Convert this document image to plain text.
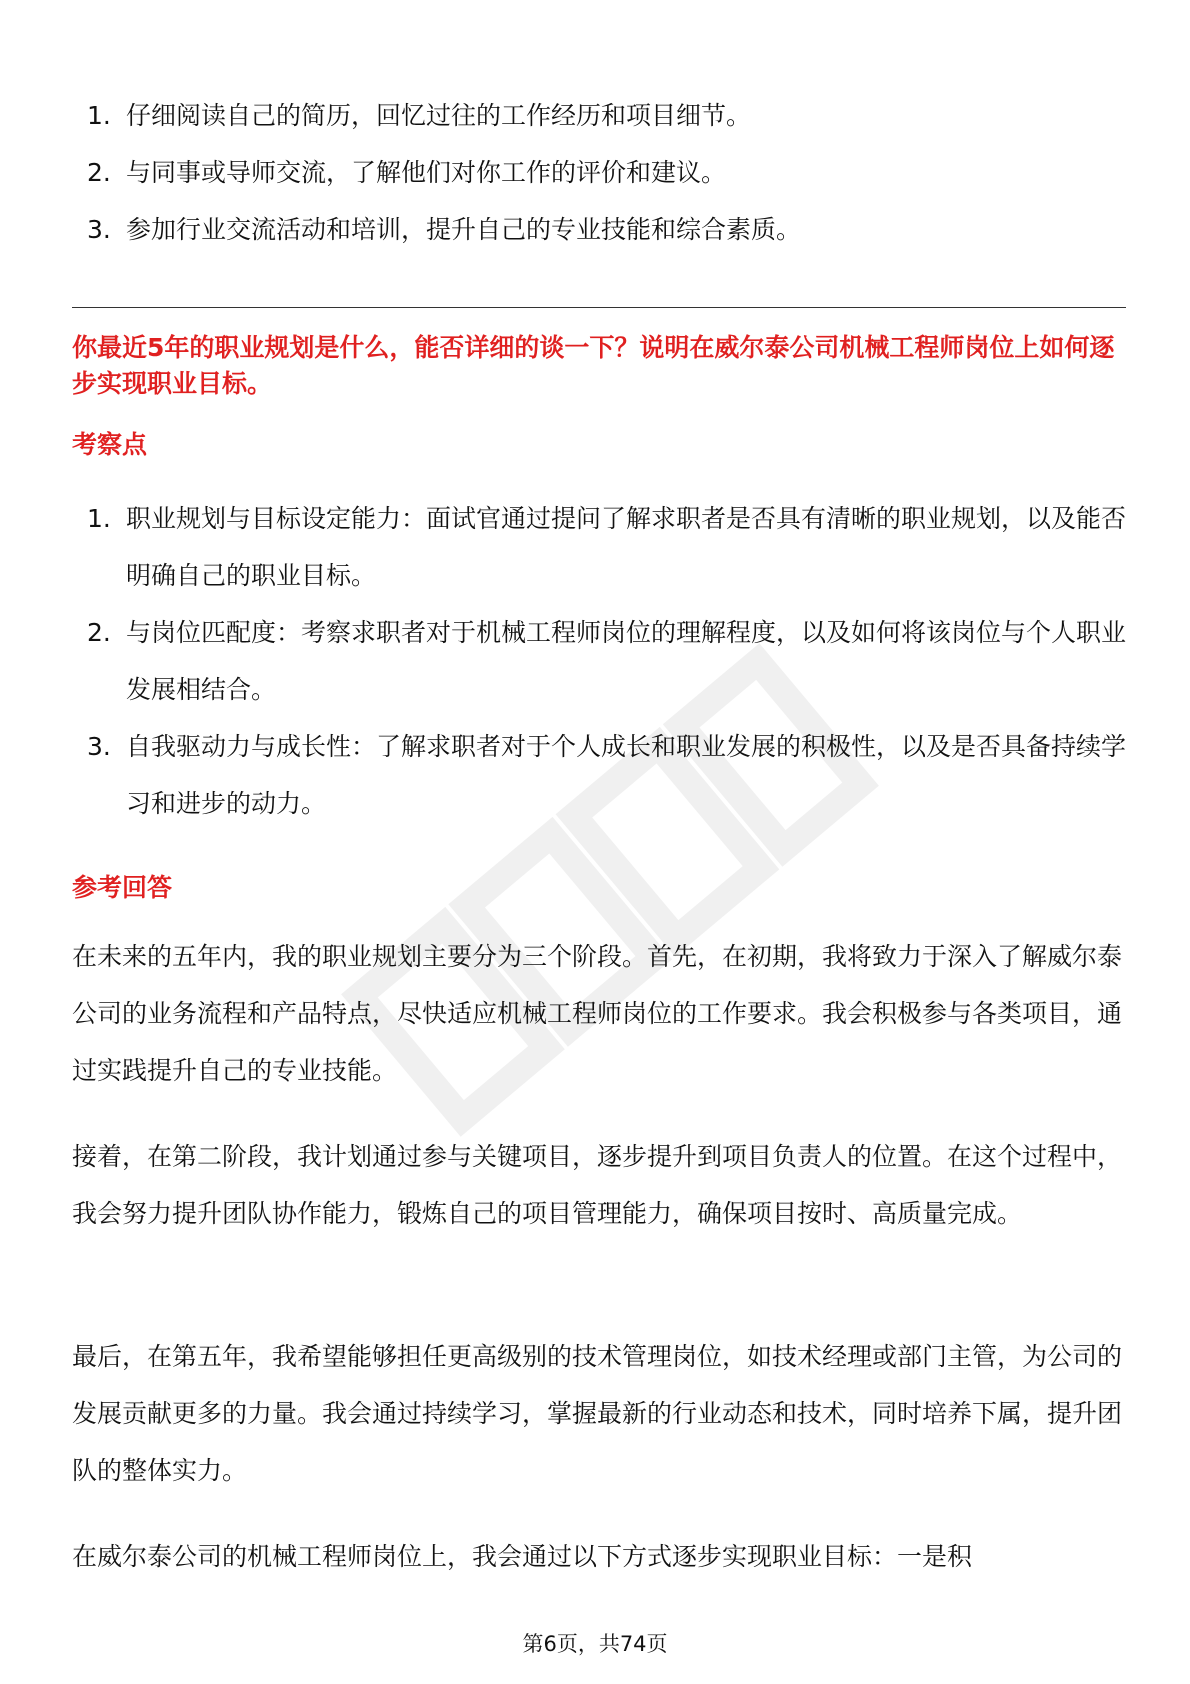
1. 仔细阅读自己的简历，回忆过往的工作经历和项目细节。
2. 与同事或导师交流，了解他们对你工作的评价和建议。
3. 参加行业交流活动和培训，提升自己的专业技能和综合素质。
你最近5年的职业规划是什么，能否详细的谈一下？说明在威尔泰公司机械工程师岗位上如何逐步实现职业目标。
考察点
1. 职业规划与目标设定能力：面试官通过提问了解求职者是否具有清晰的职业规划，以及能否明确自己的职业目标。
2. 与岗位匹配度：考察求职者对于机械工程师岗位的理解程度，以及如何将该岗位与个人职业发展相结合。
3. 自我驱动力与成长性：了解求职者对于个人成长和职业发展的积极性，以及是否具备持续学习和进步的动力。
参考回答

在未来的五年内，我的职业规划主要分为三个阶段。首先，在初期，我将致力于深入了解威尔泰公司的业务流程和产品特点，尽快适应机械工程师岗位的工作要求。我会积极参与各类项目，通过实践提升自己的专业技能。

接着，在第二阶段，我计划通过参与关键项目，逐步提升到项目负责人的位置。在这个过程中，我会努力提升团队协作能力，锻炼自己的项目管理能力，确保项目按时、高质量完成。

最后，在第五年，我希望能够担任更高级别的技术管理岗位，如技术经理或部门主管，为公司的发展贡献更多的力量。我会通过持续学习，掌握最新的行业动态和技术，同时培养下属，提升团队的整体实力。

在威尔泰公司的机械工程师岗位上，我会通过以下方式逐步实现职业目标：一是积

第6页，共74页
